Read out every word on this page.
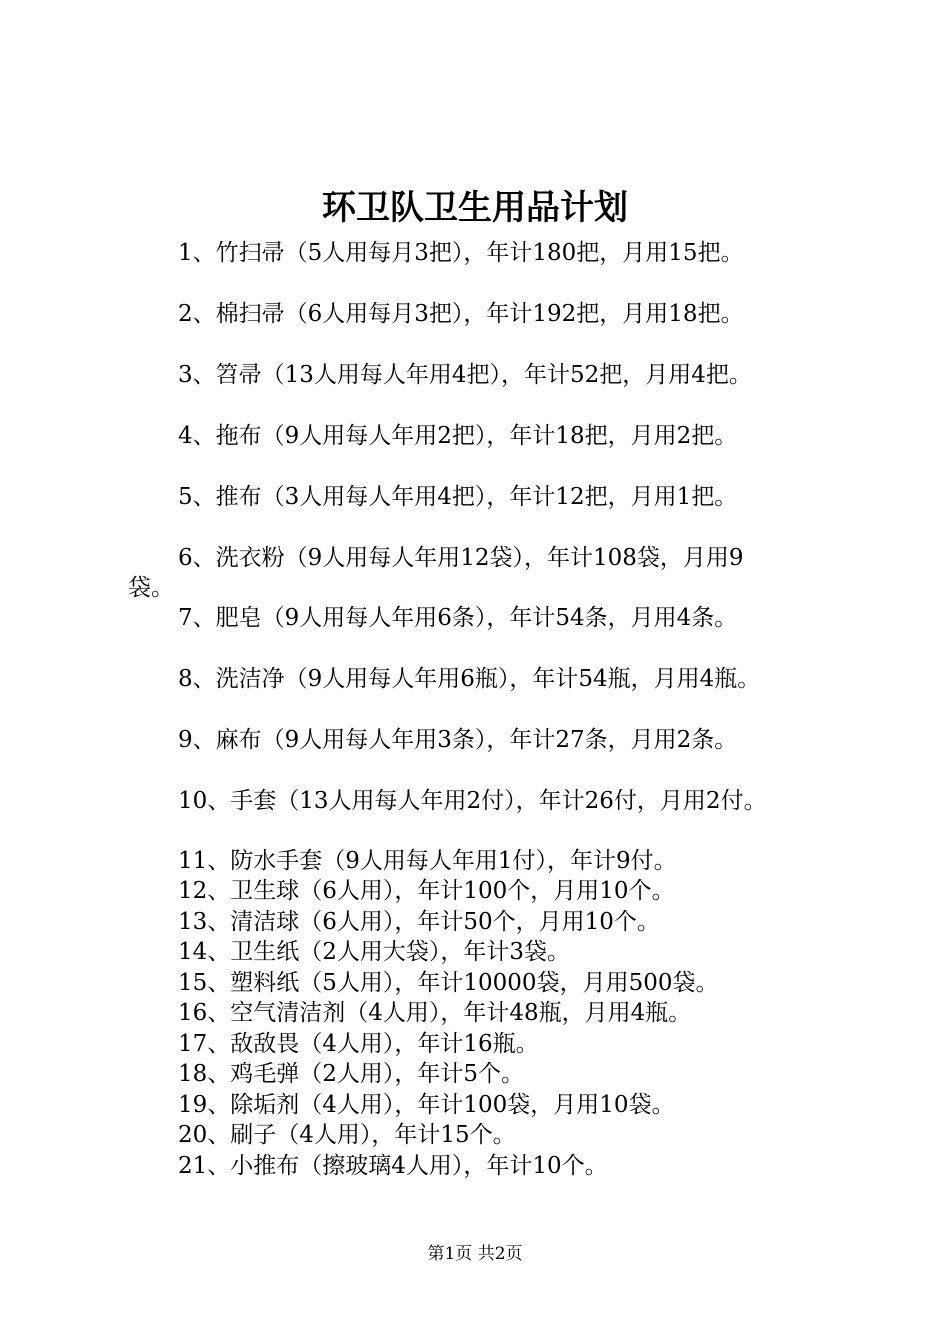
环卫队卫生用品计划
1、竹扫帚（5人用每月3把），年计180把，月用15把。
2、棉扫帚（6人用每月3把），年计192把，月用18把。
3、笤帚（13人用每人年用4把），年计52把，月用4把。
4、拖布（9人用每人年用2把），年计18把，月用2把。
5、推布（3人用每人年用4把），年计12把，月用1把。
6、洗衣粉（9人用每人年用12袋），年计108袋，月用9
袋。
7、肥皂（9人用每人年用6条），年计54条，月用4条。
8、洗洁净（9人用每人年用6瓶），年计54瓶，月用4瓶。
9、麻布（9人用每人年用3条），年计27条，月用2条。
10、手套（13人用每人年用2付），年计26付，月用2付。
11、防水手套（9人用每人年用1付），年计9付。
12、卫生球（6人用），年计100个，月用10个。
13、清洁球（6人用），年计50个，月用10个。
14、卫生纸（2人用大袋），年计3袋。
15、塑料纸（5人用），年计10000袋，月用500袋。
16、空气清洁剂（4人用），年计48瓶，月用4瓶。
17、敌敌畏（4人用），年计16瓶。
18、鸡毛弹（2人用），年计5个。
19、除垢剂（4人用），年计100袋，月用10袋。
20、刷子（4人用），年计15个。
21、小推布（擦玻璃4人用），年计10个。
第1页 共2页
